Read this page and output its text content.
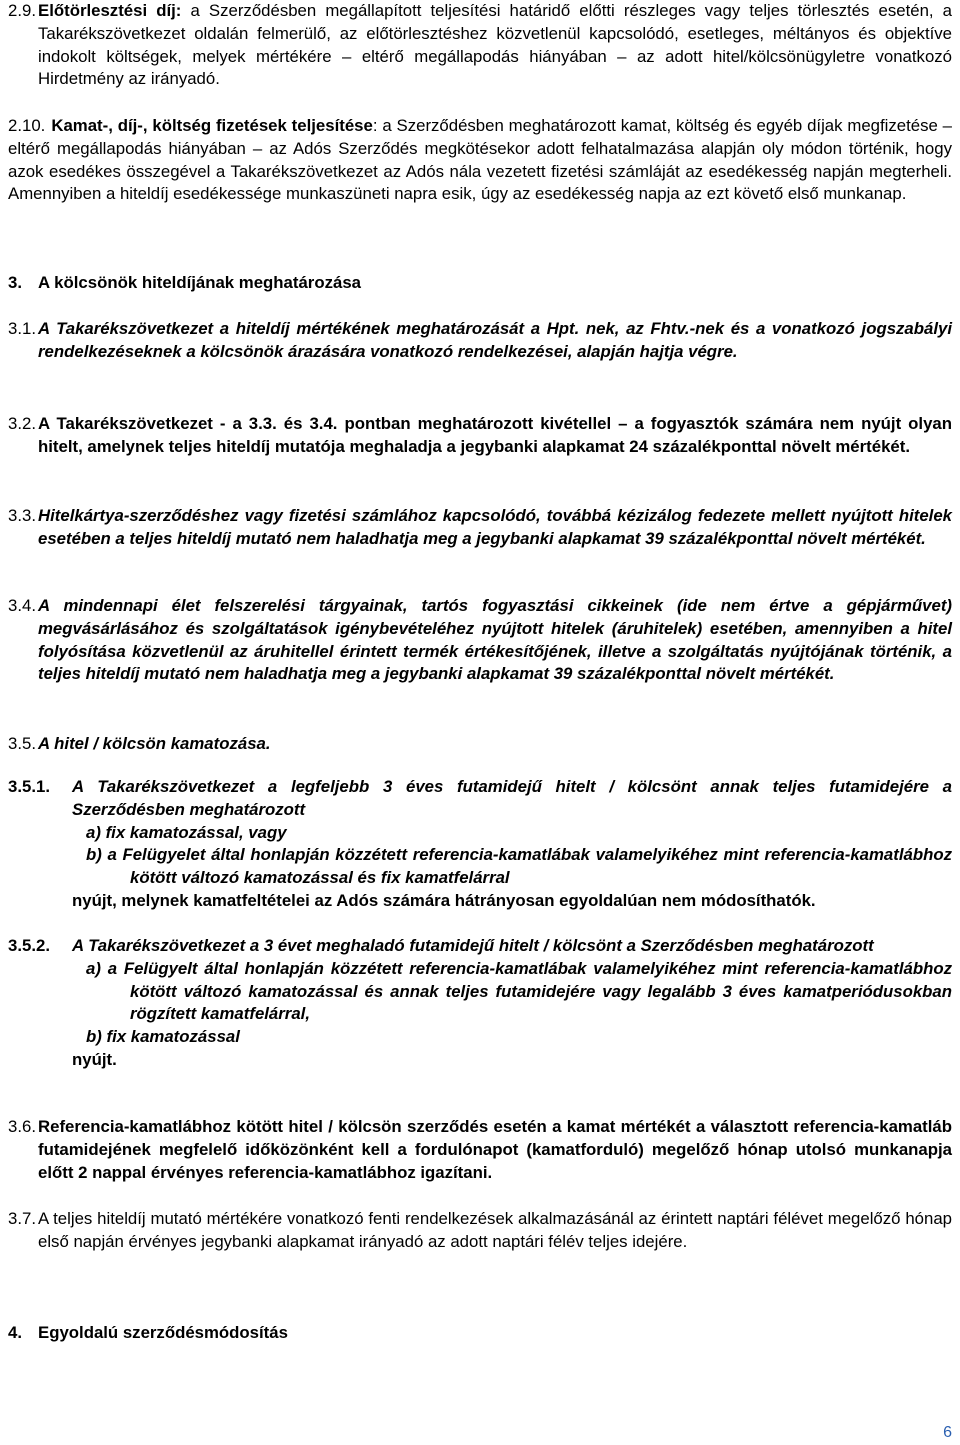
2.9. Előtörlesztési díj: a Szerződésben megállapított teljesítési határidő előtti részleges vagy teljes törlesztés esetén, a Takarékszövetkezet oldalán felmerülő, az előtörlesztéshez közvetlenül kapcsolódó, esetleges, méltányos és objektíve indokolt költségek, melyek mértékére – eltérő megállapodás hiányában – az adott hitel/kölcsönügyletre vonatkozó Hirdetmény az irányadó.
2.10. Kamat-, díj-, költség fizetések teljesítése: a Szerződésben meghatározott kamat, költség és egyéb díjak megfizetése – eltérő megállapodás hiányában – az Adós Szerződés megkötésekor adott felhatalmazása alapján oly módon történik, hogy azok esedékes összegével a Takarékszövetkezet az Adós nála vezetett fizetési számláját az esedékesség napján megterheli. Amennyiben a hiteldíj esedékessége munkaszüneti napra esik, úgy az esedékesség napja az ezt követő első munkanap.
3. A kölcsönök hiteldíjának meghatározása
3.1. A Takarékszövetkezet a hiteldíj mértékének meghatározását a Hpt. nek, az Fhtv.-nek és a vonatkozó jogszabályi rendelkezéseknek a kölcsönök árazására vonatkozó rendelkezései, alapján hajtja végre.
3.2. A Takarékszövetkezet - a 3.3. és 3.4. pontban meghatározott kivétellel – a fogyasztók számára nem nyújt olyan hitelt, amelynek teljes hiteldíj mutatója meghaladja a jegybanki alapkamat 24 százalékponttal növelt mértékét.
3.3. Hitelkártya-szerződéshez vagy fizetési számlához kapcsolódó, továbbá kézizálog fedezete mellett nyújtott hitelek esetében a teljes hiteldíj mutató nem haladhatja meg a jegybanki alapkamat 39 százalékponttal növelt mértékét.
3.4. A mindennapi élet felszerelési tárgyainak, tartós fogyasztási cikkeinek (ide nem értve a gépjárművet) megvásárlásához és szolgáltatások igénybevételéhez nyújtott hitelek (áruhitelek) esetében, amennyiben a hitel folyósítása közvetlenül az áruhitellel érintett termék értékesítőjének, illetve a szolgáltatás nyújtójának történik, a teljes hiteldíj mutató nem haladhatja meg a jegybanki alapkamat 39 százalékponttal növelt mértékét.
3.5. A hitel / kölcsön kamatozása.
3.5.1.	A Takarékszövetkezet a legfeljebb 3 éves futamidejű hitelt / kölcsönt annak teljes futamidejére a Szerződésben meghatározott
a) fix kamatozással, vagy
b) a Felügyelet által honlapján közzétett referencia-kamatlábak valamelyikéhez mint referencia-kamatlábhoz kötött változó kamatozással és fix kamatfelárral
nyújt, melynek kamatfeltételei az Adós számára hátrányosan egyoldalúan nem módosíthatók.
3.5.2.	A Takarékszövetkezet a 3 évet meghaladó futamidejű hitelt / kölcsönt a Szerződésben meghatározott
a) a Felügyelt által honlapján közzétett referencia-kamatlábak valamelyikéhez mint referencia-kamatlábhoz kötött változó kamatozással és annak teljes futamidejére vagy legalább 3 éves kamatperiódusokban rögzített kamatfelárral,
b) fix kamatozással
nyújt.
3.6. Referencia-kamatlábhoz kötött hitel / kölcsön szerződés esetén a kamat mértékét a választott referencia-kamatláb futamidejének megfelelő időközönként kell a fordulónapot (kamatforduló) megelőző hónap utolsó munkanapja előtt 2 nappal érvényes referencia-kamatlábhoz igazítani.
3.7. A teljes hiteldíj mutató mértékére vonatkozó fenti rendelkezések alkalmazásánál az érintett naptári félévet megelőző hónap első napján érvényes jegybanki alapkamat irányadó az adott naptári félév teljes idejére.
4. Egyoldalú szerződésmódosítás
6
